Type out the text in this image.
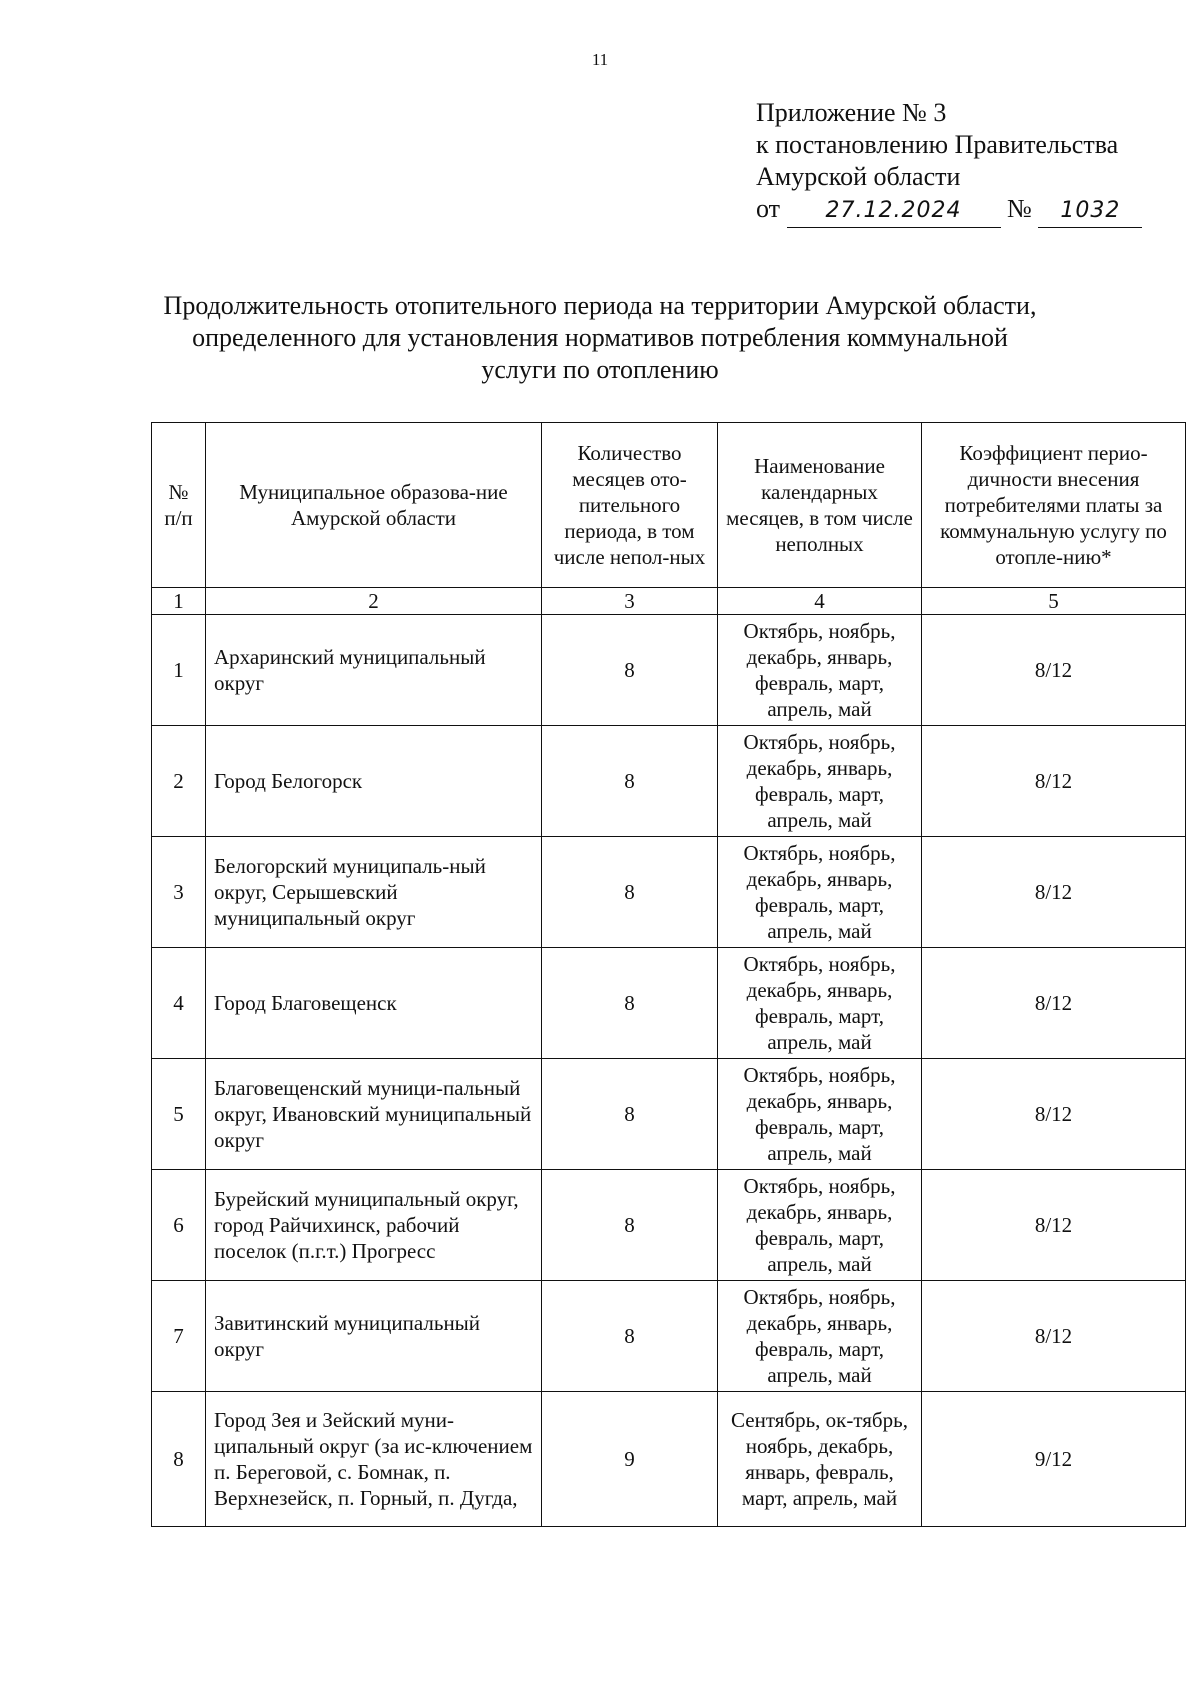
11
Приложение № 3
к постановлению Правительства
Амурской области
от 27.12.2024 № 1032
Продолжительность отопительного периода на территории Амурской области,
определенного для установления нормативов потребления коммунальной
услуги по отоплению
№ п/п	Муниципальное образова-ние Амурской области	Количество месяцев ото-пительного периода, в том числе непол-ных	Наименование календарных месяцев, в том числе неполных	Коэффициент перио-дичности внесения потребителями платы за коммунальную услугу по отопле-нию*
1	2	3	4	5
1	Архаринский муниципальный округ	8	Октябрь, ноябрь, декабрь, январь, февраль, март, апрель, май	8/12
2	Город Белогорск	8	Октябрь, ноябрь, декабрь, январь, февраль, март, апрель, май	8/12
3	Белогорский муниципаль-ный округ, Серышевский муниципальный округ	8	Октябрь, ноябрь, декабрь, январь, февраль, март, апрель, май	8/12
4	Город Благовещенск	8	Октябрь, ноябрь, декабрь, январь, февраль, март, апрель, май	8/12
5	Благовещенский муници-пальный округ, Ивановский муниципальный округ	8	Октябрь, ноябрь, декабрь, январь, февраль, март, апрель, май	8/12
6	Бурейский муниципальный округ, город Райчихинск, рабочий поселок (п.г.т.) Прогресс	8	Октябрь, ноябрь, декабрь, январь, февраль, март, апрель, май	8/12
7	Завитинский муниципальный округ	8	Октябрь, ноябрь, декабрь, январь, февраль, март, апрель, май	8/12
8	Город Зея и Зейский муни-ципальный округ (за ис-ключением п. Береговой, с. Бомнак, п. Верхнезейск, п. Горный, п. Дугда,	9	Сентябрь, ок-тябрь, ноябрь, декабрь, январь, февраль, март, апрель, май	9/12
